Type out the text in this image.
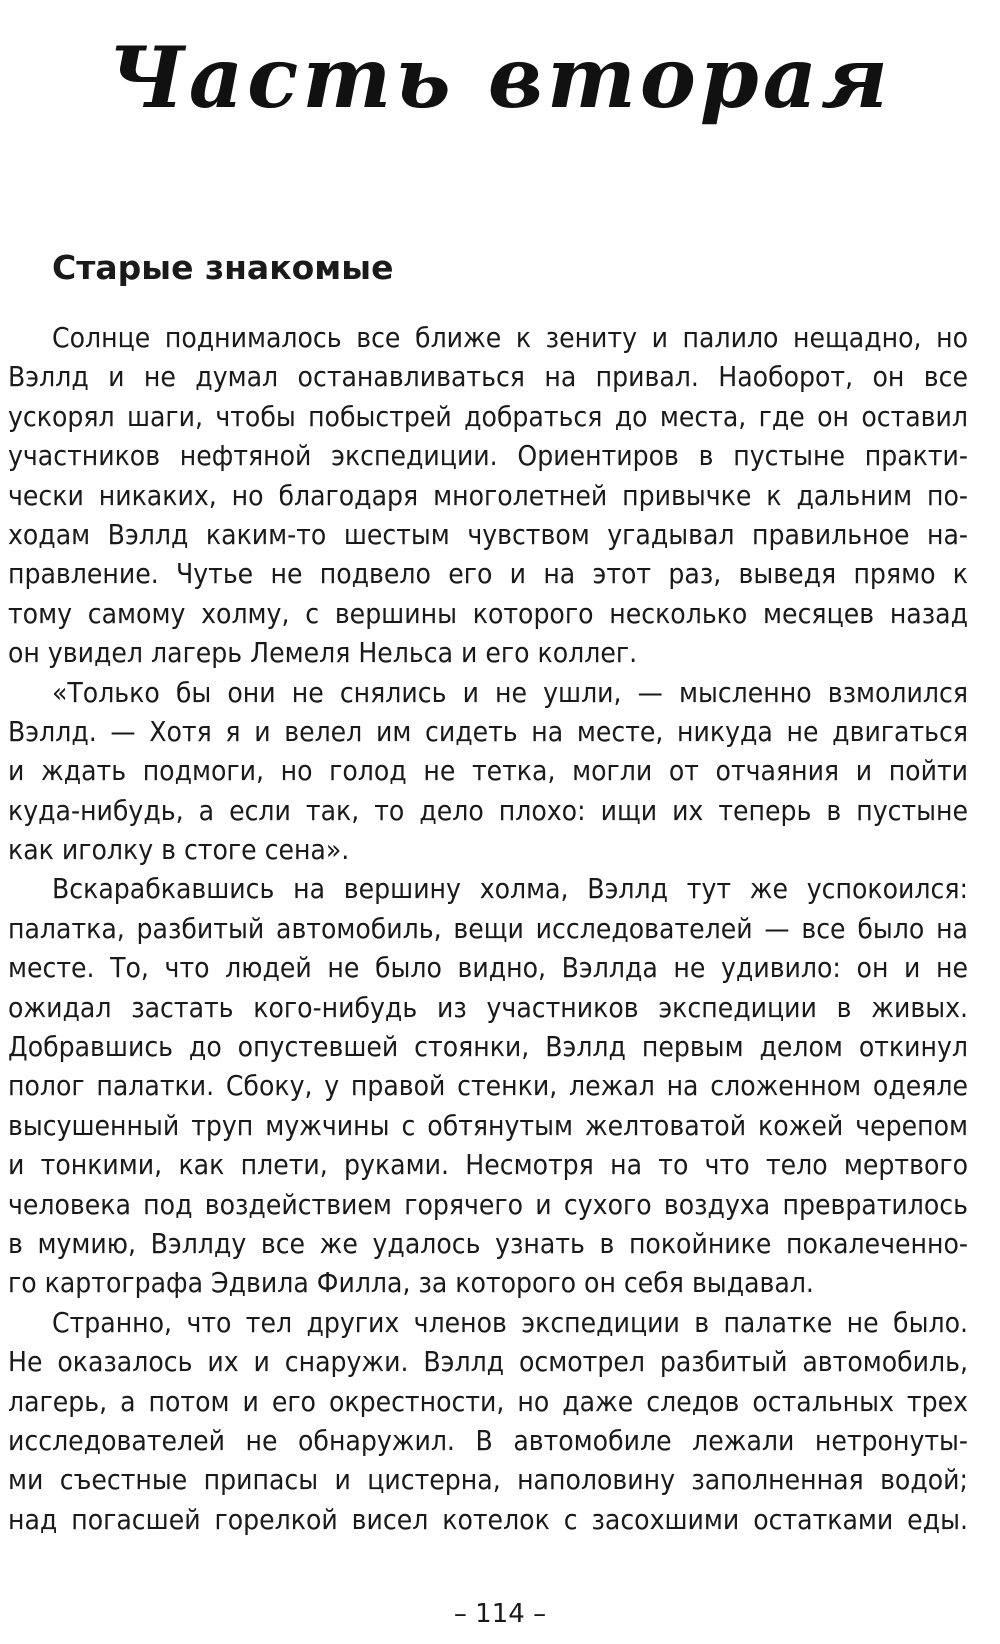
Часть вторая
Старые знакомые
Солнце поднималось все ближе к зениту и палило нещадно, но
Вэллд и не думал останавливаться на привал. Наоборот, он все
ускорял шаги, чтобы побыстрей добраться до места, где он оставил
участников нефтяной экспедиции. Ориентиров в пустыне практи-
чески никаких, но благодаря многолетней привычке к дальним по-
ходам Вэллд каким-то шестым чувством угадывал правильное на-
правление. Чутье не подвело его и на этот раз, выведя прямо к
тому самому холму, с вершины которого несколько месяцев назад
он увидел лагерь Лемеля Нельса и его коллег.
«Только бы они не снялись и не ушли, — мысленно взмолился
Вэллд. — Хотя я и велел им сидеть на месте, никуда не двигаться
и ждать подмоги, но голод не тетка, могли от отчаяния и пойти
куда-нибудь, а если так, то дело плохо: ищи их теперь в пустыне
как иголку в стоге сена».
Вскарабкавшись на вершину холма, Вэллд тут же успокоился:
палатка, разбитый автомобиль, вещи исследователей — все было на
месте. То, что людей не было видно, Вэллда не удивило: он и не
ожидал застать кого-нибудь из участников экспедиции в живых.
Добравшись до опустевшей стоянки, Вэллд первым делом откинул
полог палатки. Сбоку, у правой стенки, лежал на сложенном одеяле
высушенный труп мужчины с обтянутым желтоватой кожей черепом
и тонкими, как плети, руками. Несмотря на то что тело мертвого
человека под воздействием горячего и сухого воздуха превратилось
в мумию, Вэллду все же удалось узнать в покойнике покалеченно-
го картографа Эдвила Филла, за которого он себя выдавал.
Странно, что тел других членов экспедиции в палатке не было.
Не оказалось их и снаружи. Вэллд осмотрел разбитый автомобиль,
лагерь, а потом и его окрестности, но даже следов остальных трех
исследователей не обнаружил. В автомобиле лежали нетронуты-
ми съестные припасы и цистерна, наполовину заполненная водой;
над погасшей горелкой висел котелок с засохшими остатками еды.
– 114 –
